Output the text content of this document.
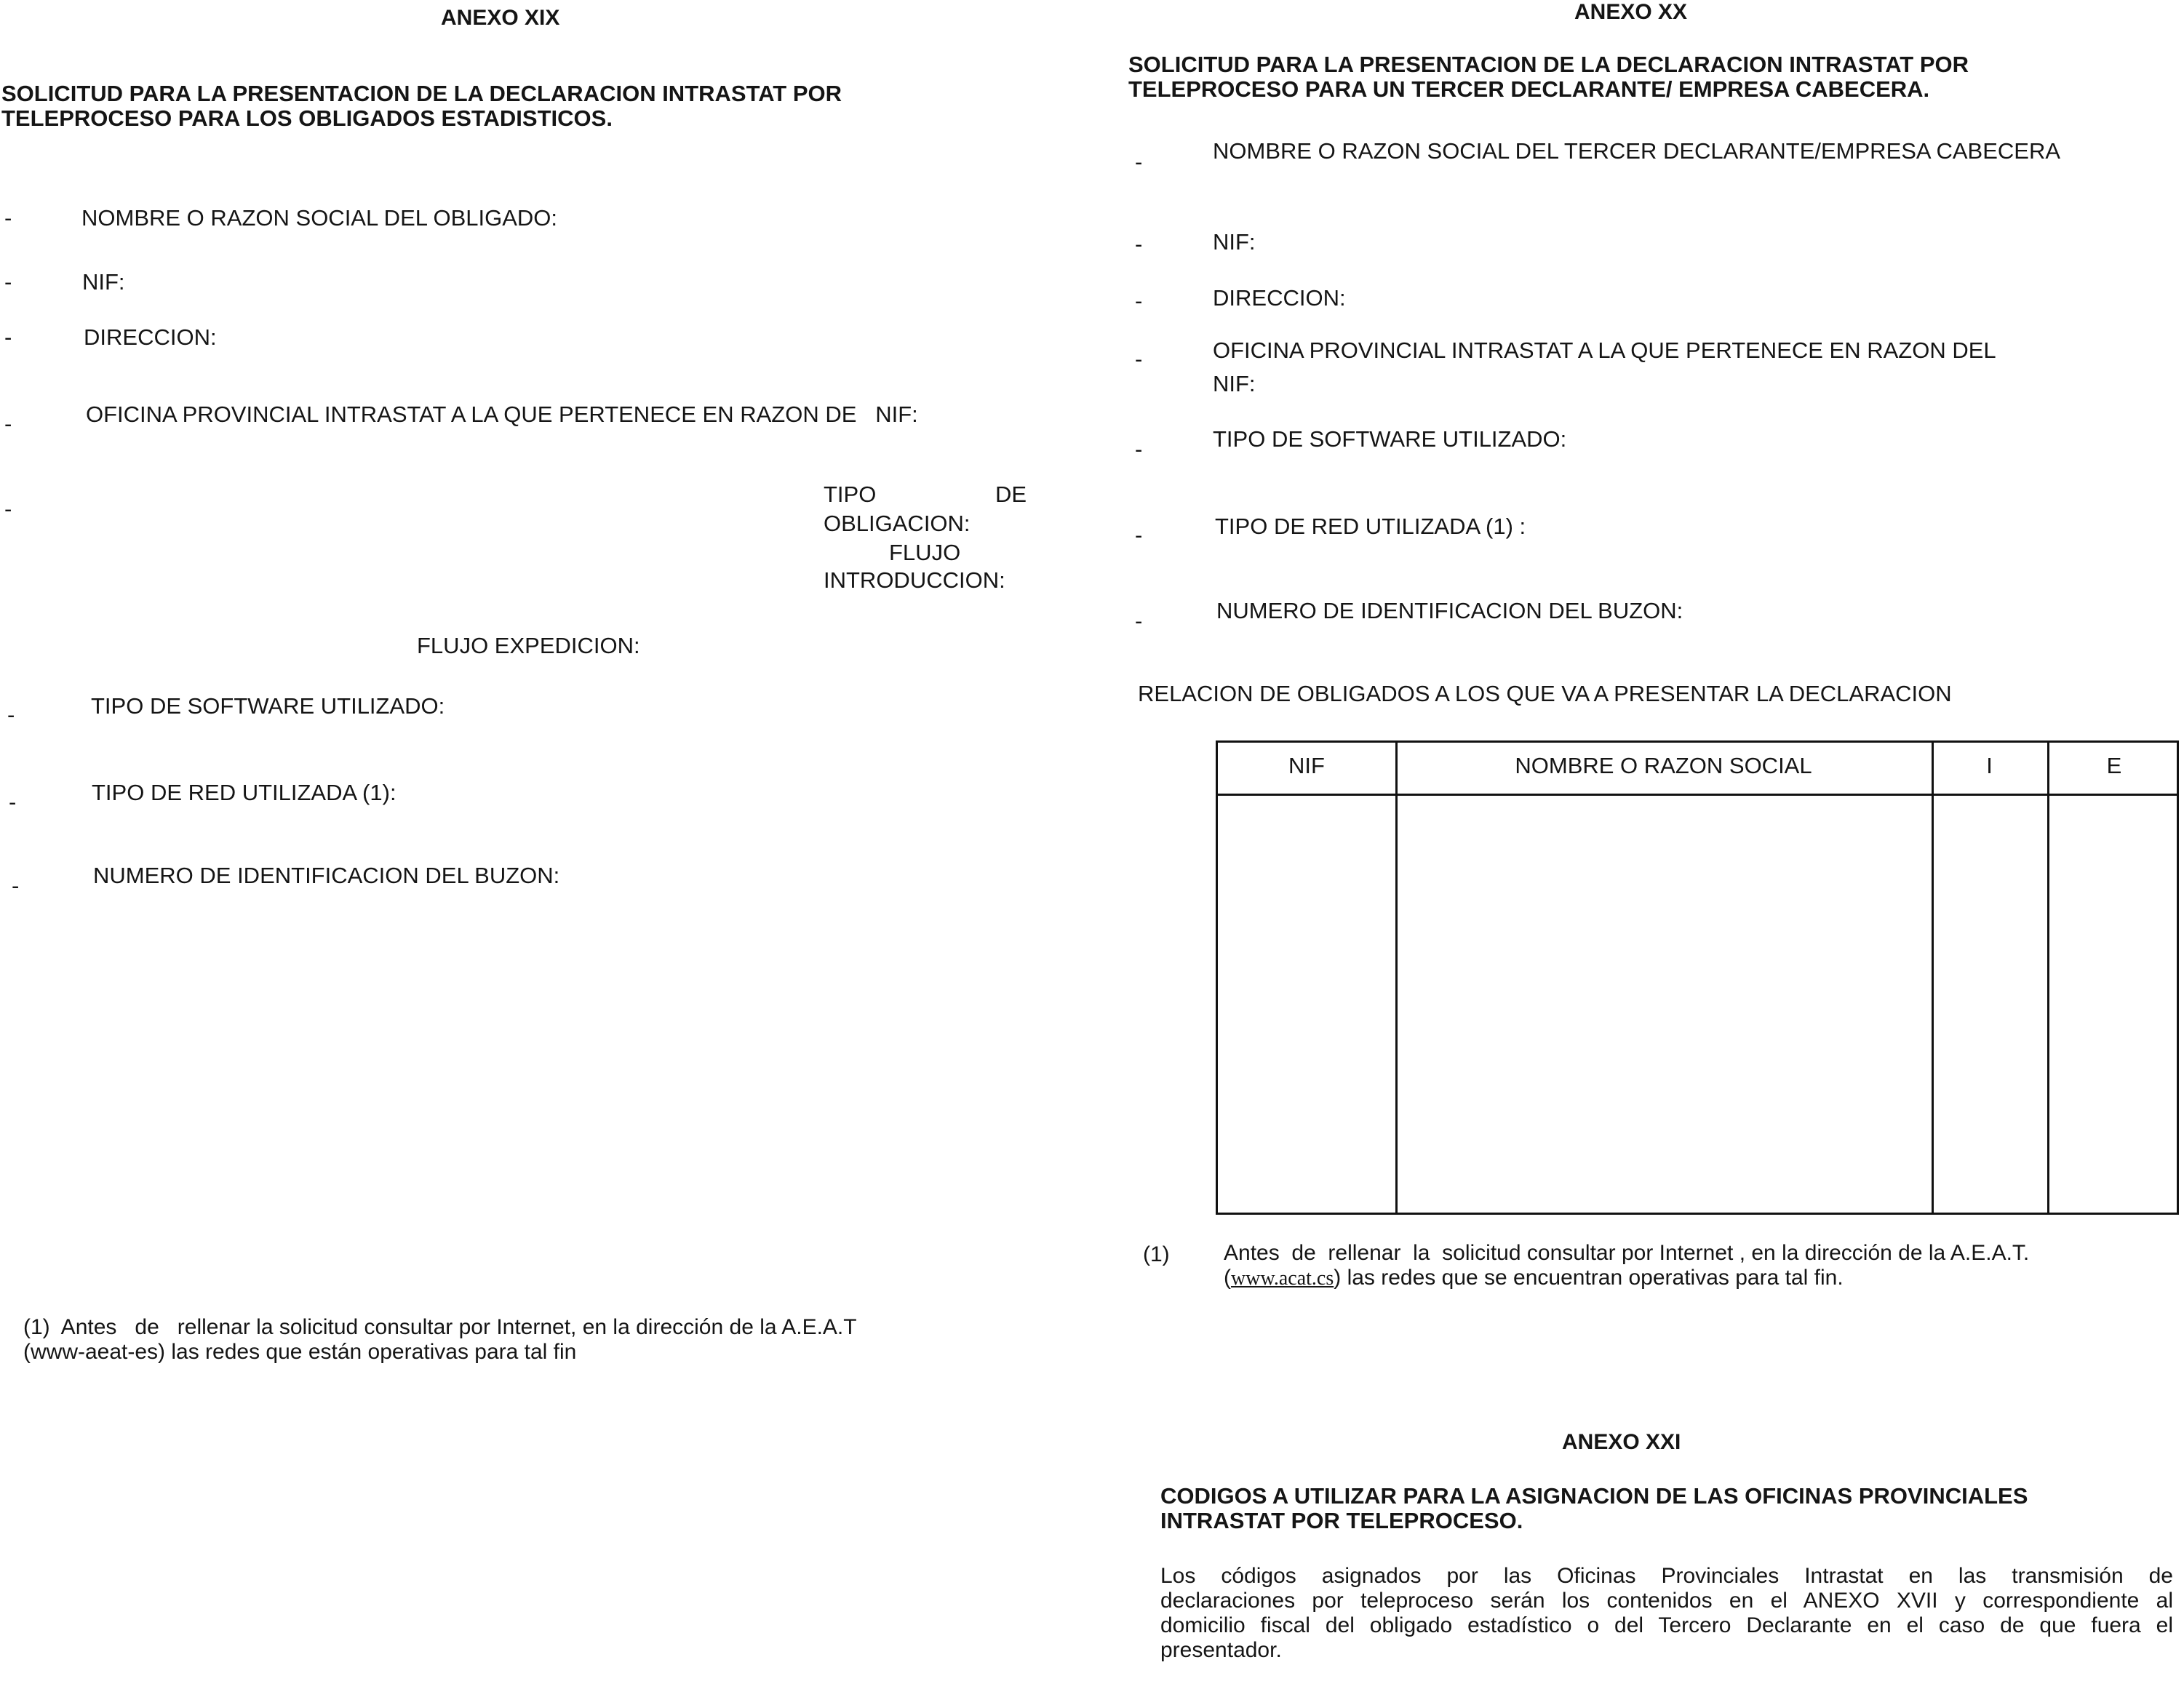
ANEXO XIX
SOLICITUD PARA LA PRESENTACION DE LA DECLARACION INTRASTAT POR
TELEPROCESO PARA LOS OBLIGADOS ESTADISTICOS.
-	NOMBRE O RAZON SOCIAL DEL OBLIGADO:
-	NIF:
-	DIRECCION:
-	OFICINA PROVINCIAL INTRASTAT A LA QUE PERTENECE EN RAZON DE   NIF:
-
TIPO	DE
OBLIGACION:
FLUJO
INTRODUCCION:
FLUJO EXPEDICION:
-	TIPO DE SOFTWARE UTILIZADO:
-	TIPO DE RED UTILIZADA (1):
-	NUMERO DE IDENTIFICACION DEL BUZON:
(1)  Antes   de   rellenar la solicitud consultar por Internet, en la dirección de la A.E.A.T
(www-aeat-es) las redes que están operativas para tal fin
ANEXO XX
SOLICITUD PARA LA PRESENTACION DE LA DECLARACION INTRASTAT POR
TELEPROCESO PARA UN TERCER DECLARANTE/ EMPRESA CABECERA.
-	NOMBRE O RAZON SOCIAL DEL TERCER DECLARANTE/EMPRESA CABECERA
-	NIF:
-	DIRECCION:
-	OFICINA PROVINCIAL INTRASTAT A LA QUE PERTENECE EN RAZON DEL
NIF:
-	TIPO DE SOFTWARE UTILIZADO:
-	TIPO DE RED UTILIZADA (1) :
-	NUMERO DE IDENTIFICACION DEL BUZON:
RELACION DE OBLIGADOS A LOS QUE VA A PRESENTAR LA DECLARACION
NIF	NOMBRE O RAZON SOCIAL	I	E
(1) Antes  de  rellenar  la  solicitud consultar por Internet , en la dirección de la A.E.A.T.
(www.acat.cs) las redes que se encuentran operativas para tal fin.
ANEXO XXI
CODIGOS A UTILIZAR PARA LA ASIGNACION DE LAS OFICINAS PROVINCIALES
INTRASTAT POR TELEPROCESO.
Los códigos asignados por las Oficinas Provinciales Intrastat en las transmisión de
declaraciones por teleproceso serán los contenidos en el ANEXO XVII y correspondiente al
domicilio fiscal del obligado estadístico o del Tercero Declarante en el caso de que fuera el
presentador.
